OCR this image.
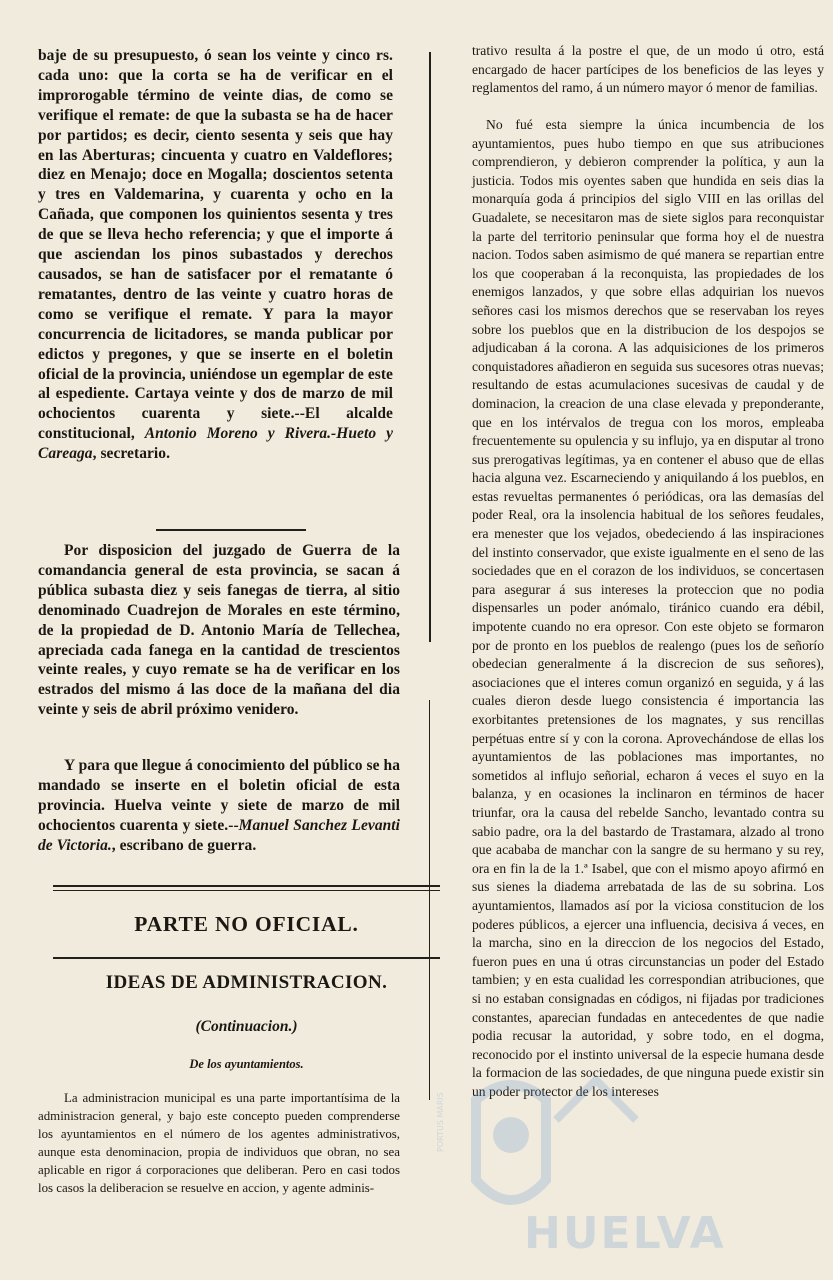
baje de su presupuesto, ó sean los veinte y cinco rs. cada uno: que la corta se ha de verificar en el improrogable término de veinte dias, de como se verifique el remate: de que la subasta se ha de hacer por partidos; es decir, ciento sesenta y seis que hay en las Aberturas; cincuenta y cuatro en Valdeflores; diez en Menajo; doce en Mogalla; doscientos setenta y tres en Valdemarina, y cuarenta y ocho en la Cañada, que componen los quinientos sesenta y tres de que se lleva hecho referencia; y que el importe á que asciendan los pinos subastados y derechos causados, se han de satisfacer por el rematante ó rematantes, dentro de las veinte y cuatro horas de como se verifique el remate. Y para la mayor concurrencia de licitadores, se manda publicar por edictos y pregones, y que se inserte en el boletin oficial de la provincia, uniéndose un egemplar de este al espediente. Cartaya veinte y dos de marzo de mil ochocientos cuarenta y siete.--El alcalde constitucional, Antonio Moreno y Rivera.-Hueto y Careaga, secretario.

Por disposicion del juzgado de Guerra de la comandancia general de esta provincia, se sacan á pública subasta diez y seis fanegas de tierra, al sitio denominado Cuadrejon de Morales en este término, de la propiedad de D. Antonio María de Tellechea, apreciada cada fanega en la cantidad de trescientos veinte reales, y cuyo remate se ha de verificar en los estrados del mismo á las doce de la mañana del dia veinte y seis de abril próximo venidero.

Y para que llegue á conocimiento del público se ha mandado se inserte en el boletin oficial de esta provincia. Huelva veinte y siete de marzo de mil ochocientos cuarenta y siete.--Manuel Sanchez Levanti de Victoria., escribano de guerra.

PARTE NO OFICIAL.
IDEAS DE ADMINISTRACION.
(Continuacion.)
De los ayuntamientos.

La administracion municipal es una parte importantísima de la administracion general, y bajo este concepto pueden comprenderse los ayuntamientos en el número de los agentes administrativos, aunque esta denominacion, propia de individuos que obran, no sea aplicable en rigor á corporaciones que deliberan. Pero en casi todos los casos la deliberacion se resuelve en accion, y agente adminis-

trativo resulta á la postre el que, de un modo ú otro, está encargado de hacer partícipes de los beneficios de las leyes y reglamentos del ramo, á un número mayor ó menor de familias.

No fué esta siempre la única incumbencia de los ayuntamientos, pues hubo tiempo en que sus atribuciones comprendieron, y debieron comprender la política, y aun la justicia. Todos mis oyentes saben que hundida en seis dias la monarquía goda á principios del siglo VIII en las orillas del Guadalete, se necesitaron mas de siete siglos para reconquistar la parte del territorio peninsular que forma hoy el de nuestra nacion. Todos saben asimismo de qué manera se repartian entre los que cooperaban á la reconquista, las propiedades de los enemigos lanzados, y que sobre ellas adquirian los nuevos señores casi los mismos derechos que se reservaban los reyes sobre los pueblos que en la distribucion de los despojos se adjudicaban á la corona. A las adquisiciones de los primeros conquistadores añadieron en seguida sus sucesores otras nuevas; resultando de estas acumulaciones sucesivas de caudal y de dominacion, la creacion de una clase elevada y preponderante, que en los intérvalos de tregua con los moros, empleaba frecuentemente su opulencia y su influjo, ya en disputar al trono sus prerogativas legítimas, ya en contener el abuso que de ellas hacia alguna vez. Escarneciendo y aniquilando á los pueblos, en estas revueltas permanentes ó periódicas, ora las demasías del poder Real, ora la insolencia habitual de los señores feudales, era menester que los vejados, obedeciendo á las inspiraciones del instinto conservador, que existe igualmente en el seno de las sociedades que en el corazon de los individuos, se concertasen para asegurar á sus intereses la proteccion que no podia dispensarles un poder anómalo, tiránico cuando era débil, impotente cuando no era opresor. Con este objeto se formaron por de pronto en los pueblos de realengo (pues los de señorío obedecian generalmente á la discrecion de sus señores), asociaciones que el interes comun organizó en seguida, y á las cuales dieron desde luego consistencia é importancia las exorbitantes pretensiones de los magnates, y sus rencillas perpétuas entre sí y con la corona. Aprovechándose de ellas los ayuntamientos de las poblaciones mas importantes, no sometidos al influjo señorial, echaron á veces el suyo en la balanza, y en ocasiones la inclinaron en términos de hacer triunfar, ora la causa del rebelde Sancho, levantado contra su sabio padre, ora la del bastardo de Trastamara, alzado al trono que acababa de manchar con la sangre de su hermano y su rey, ora en fin la de la 1.ª Isabel, que con el mismo apoyo afirmó en sus sienes la diadema arrebatada de las de su sobrina. Los ayuntamientos, llamados así por la viciosa constitucion de los poderes públicos, a ejercer una influencia, decisiva á veces, en la marcha, sino en la direccion de los negocios del Estado, fueron pues en una ú otras circunstancias un poder del Estado tambien; y en esta cualidad les correspondian atribuciones, que si no estaban consignadas en códigos, ni fijadas por tradiciones constantes, aparecian fundadas en antecedentes de que nadie podia recusar la autoridad, y sobre todo, en el dogma, reconocido por el instinto universal de la especie humana desde la formacion de las sociedades, de que ninguna puede existir sin un poder protector de los intereses

PORTUS MARIS
HUELVA
